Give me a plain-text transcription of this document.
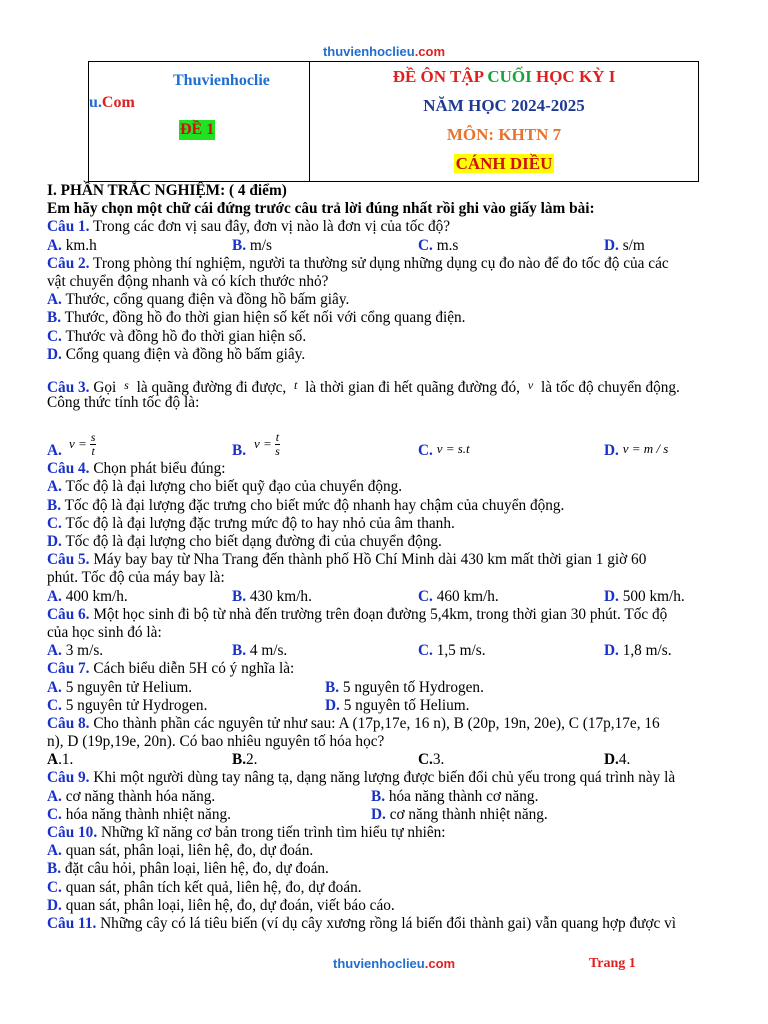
thuvienhoclieu.com
Thuvienhoclie
u.Com
ĐỀ 1
ĐỀ ÔN TẬP CUỐI HỌC KỲ I
NĂM HỌC 2024-2025
MÔN: KHTN 7
CÁNH DIỀU
I. PHẦN TRẮC NGHIỆM: ( 4 điểm)
Em hãy chọn một chữ cái đứng trước câu trả lời đúng nhất rồi ghi vào giấy làm bài:
Câu 1. Trong các đơn vị sau đây, đơn vị nào là đơn vị của tốc độ?
A. km.h	B. m/s	C. m.s	D. s/m
Câu 2. Trong phòng thí nghiệm, người ta thường sử dụng những dụng cụ đo nào để đo tốc độ của các
vật chuyển động nhanh và có kích thước nhỏ?
A. Thước, cổng quang điện và đồng hồ bấm giây.
B. Thước, đồng hồ đo thời gian hiện số kết nối với cổng quang điện.
C. Thước và đồng hồ đo thời gian hiện số.
D. Cổng quang điện và đồng hồ bấm giây.
Câu 3. Gọi s là quãng đường đi được, t là thời gian đi hết quãng đường đó, v là tốc độ chuyển động.
Công thức tính tốc độ là:
A. $v = \frac{s}{t}$	B. $v = \frac{t}{s}$	C. v = s.t	D. v = m / s
Câu 4. Chọn phát biểu đúng:
A. Tốc độ là đại lượng cho biết quỹ đạo của chuyển động.
B. Tốc độ là đại lượng đặc trưng cho biết mức độ nhanh hay chậm của chuyển động.
C. Tốc độ là đại lượng đặc trưng mức độ to hay nhỏ của âm thanh.
D. Tốc độ là đại lượng cho biết dạng đường đi của chuyển động.
Câu 5. Máy bay bay từ Nha Trang đến thành phố Hồ Chí Minh dài 430 km mất thời gian 1 giờ 60
phút. Tốc độ của máy bay là:
A. 400 km/h.	B. 430 km/h.	C. 460 km/h.	D. 500 km/h.
Câu 6. Một học sinh đi bộ từ nhà đến trường trên đoạn đường 5,4km, trong thời gian 30 phút. Tốc độ
của học sinh đó là:
A. 3 m/s.	B. 4 m/s.	C. 1,5 m/s.	D. 1,8 m/s.
Câu 7. Cách biểu diễn 5H có ý nghĩa là:
A. 5 nguyên tử Helium.	B. 5 nguyên tố Hydrogen.
C. 5 nguyên tử Hydrogen.	D. 5 nguyên tố Helium.
Câu 8. Cho thành phần các nguyên tử như sau: A (17p,17e, 16 n), B (20p, 19n, 20e), C (17p,17e, 16
n), D (19p,19e, 20n). Có bao nhiêu nguyên tố hóa học?
A.1.	B.2.	C.3.	D.4.
Câu 9. Khi một người dùng tay nâng tạ, dạng năng lượng được biến đổi chủ yếu trong quá trình này là
A. cơ năng thành hóa năng.	B. hóa năng thành cơ năng.
C. hóa năng thành nhiệt năng.	D. cơ năng thành nhiệt năng.
Câu 10. Những kĩ năng cơ bản trong tiến trình tìm hiểu tự nhiên:
A. quan sát, phân loại, liên hệ, đo, dự đoán.
B. đặt câu hỏi, phân loại, liên hệ, đo, dự đoán.
C. quan sát, phân tích kết quả, liên hệ, đo, dự đoán.
D. quan sát, phân loại, liên hệ, đo, dự đoán, viết báo cáo.
Câu 11. Những cây có lá tiêu biến (ví dụ cây xương rồng lá biến đổi thành gai) vẫn quang hợp được vì
thuvienhoclieu.com	Trang 1
